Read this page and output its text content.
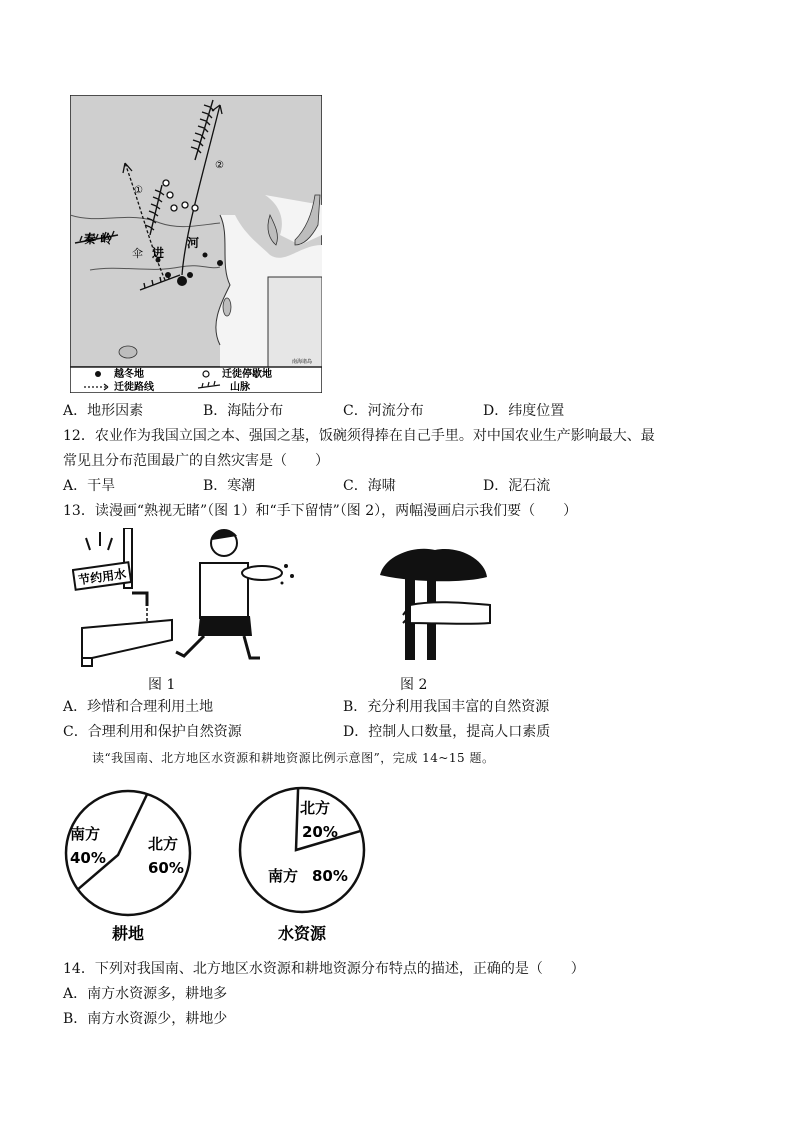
南海诸岛
①
②
秦 岭
伞 进
河
越冬地	迁徙停歇地
迁徙路线	山脉
A．地形因素	B．海陆分布	C．河流分布	D．纬度位置
12．农业作为我国立国之本、强国之基，饭碗须得捧在自己手里。对中国农业生产影响最大、最
常见且分布范围最广的自然灾害是（　　）
A．干旱	B．寒潮	C．海啸	D．泥石流
13．读漫画“熟视无睹”（图 1）和“手下留情”（图 2），两幅漫画启示我们要（　　）
节约用水
图 1	图 2
A．珍惜和合理利用土地	B．充分利用我国丰富的自然资源
C．合理利用和保护自然资源	D．控制人口数量，提高人口素质
读“我国南、北方地区水资源和耕地资源比例示意图”，完成 14~15 题。
南方
40%
北方
60%
耕地
北方
20%
南方 80%
水资源
14．下列对我国南、北方地区水资源和耕地资源分布特点的描述，正确的是（　　）
A．南方水资源多，耕地多
B．南方水资源少，耕地少
